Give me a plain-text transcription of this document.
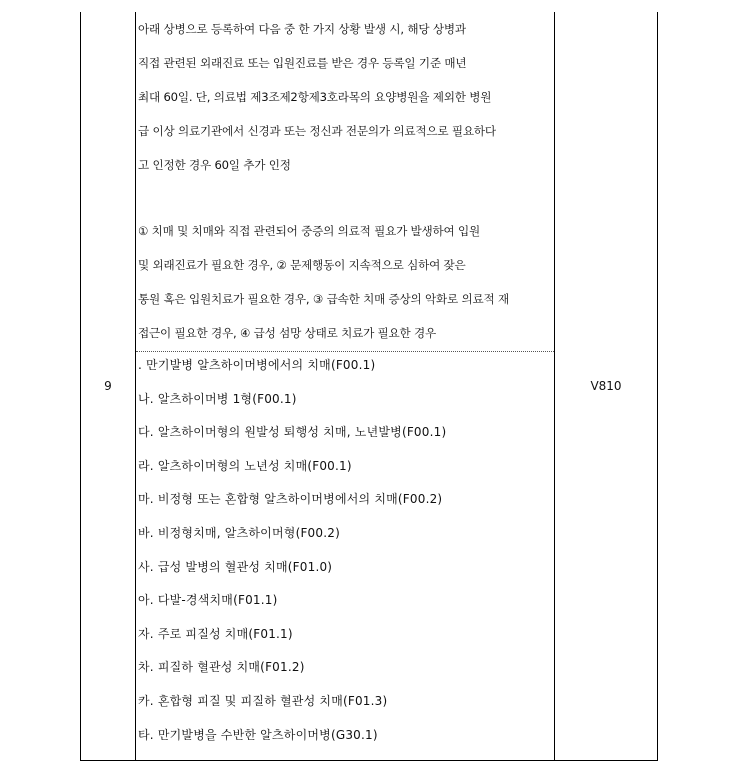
9
아래 상병으로 등록하여 다음 중 한 가지 상황 발생 시, 해당 상병과
직접 관련된 외래진료 또는 입원진료를 받은 경우 등록일 기준 매년
최대 60일. 단, 의료법 제3조제2항제3호라목의 요양병원을 제외한 병원
급 이상 의료기관에서 신경과 또는 정신과 전문의가 의료적으로 필요하다
고 인정한 경우 60일 추가 인정
① 치매 및 치매와 직접 관련되어 중증의 의료적 필요가 발생하여 입원
및 외래진료가 필요한 경우, ② 문제행동이 지속적으로 심하여 잦은
통원 혹은 입원치료가 필요한 경우, ③ 급속한 치매 증상의 악화로 의료적 재
접근이 필요한 경우, ④ 급성 섬망 상태로 치료가 필요한 경우
. 만기발병 알츠하이머병에서의 치매(F00.1)
나. 알츠하이머병 1형(F00.1)
다. 알츠하이머형의 원발성 퇴행성 치매, 노년발병(F00.1)
라. 알츠하이머형의 노년성 치매(F00.1)
마. 비정형 또는 혼합형 알츠하이머병에서의 치매(F00.2)
바. 비정형치매, 알츠하이머형(F00.2)
사. 급성 발병의 혈관성 치매(F01.0)
아. 다발-경색치매(F01.1)
자. 주로 피질성 치매(F01.1)
차. 피질하 혈관성 치매(F01.2)
카. 혼합형 피질 및 피질하 혈관성 치매(F01.3)
타. 만기발병을 수반한 알츠하이머병(G30.1)
V810
